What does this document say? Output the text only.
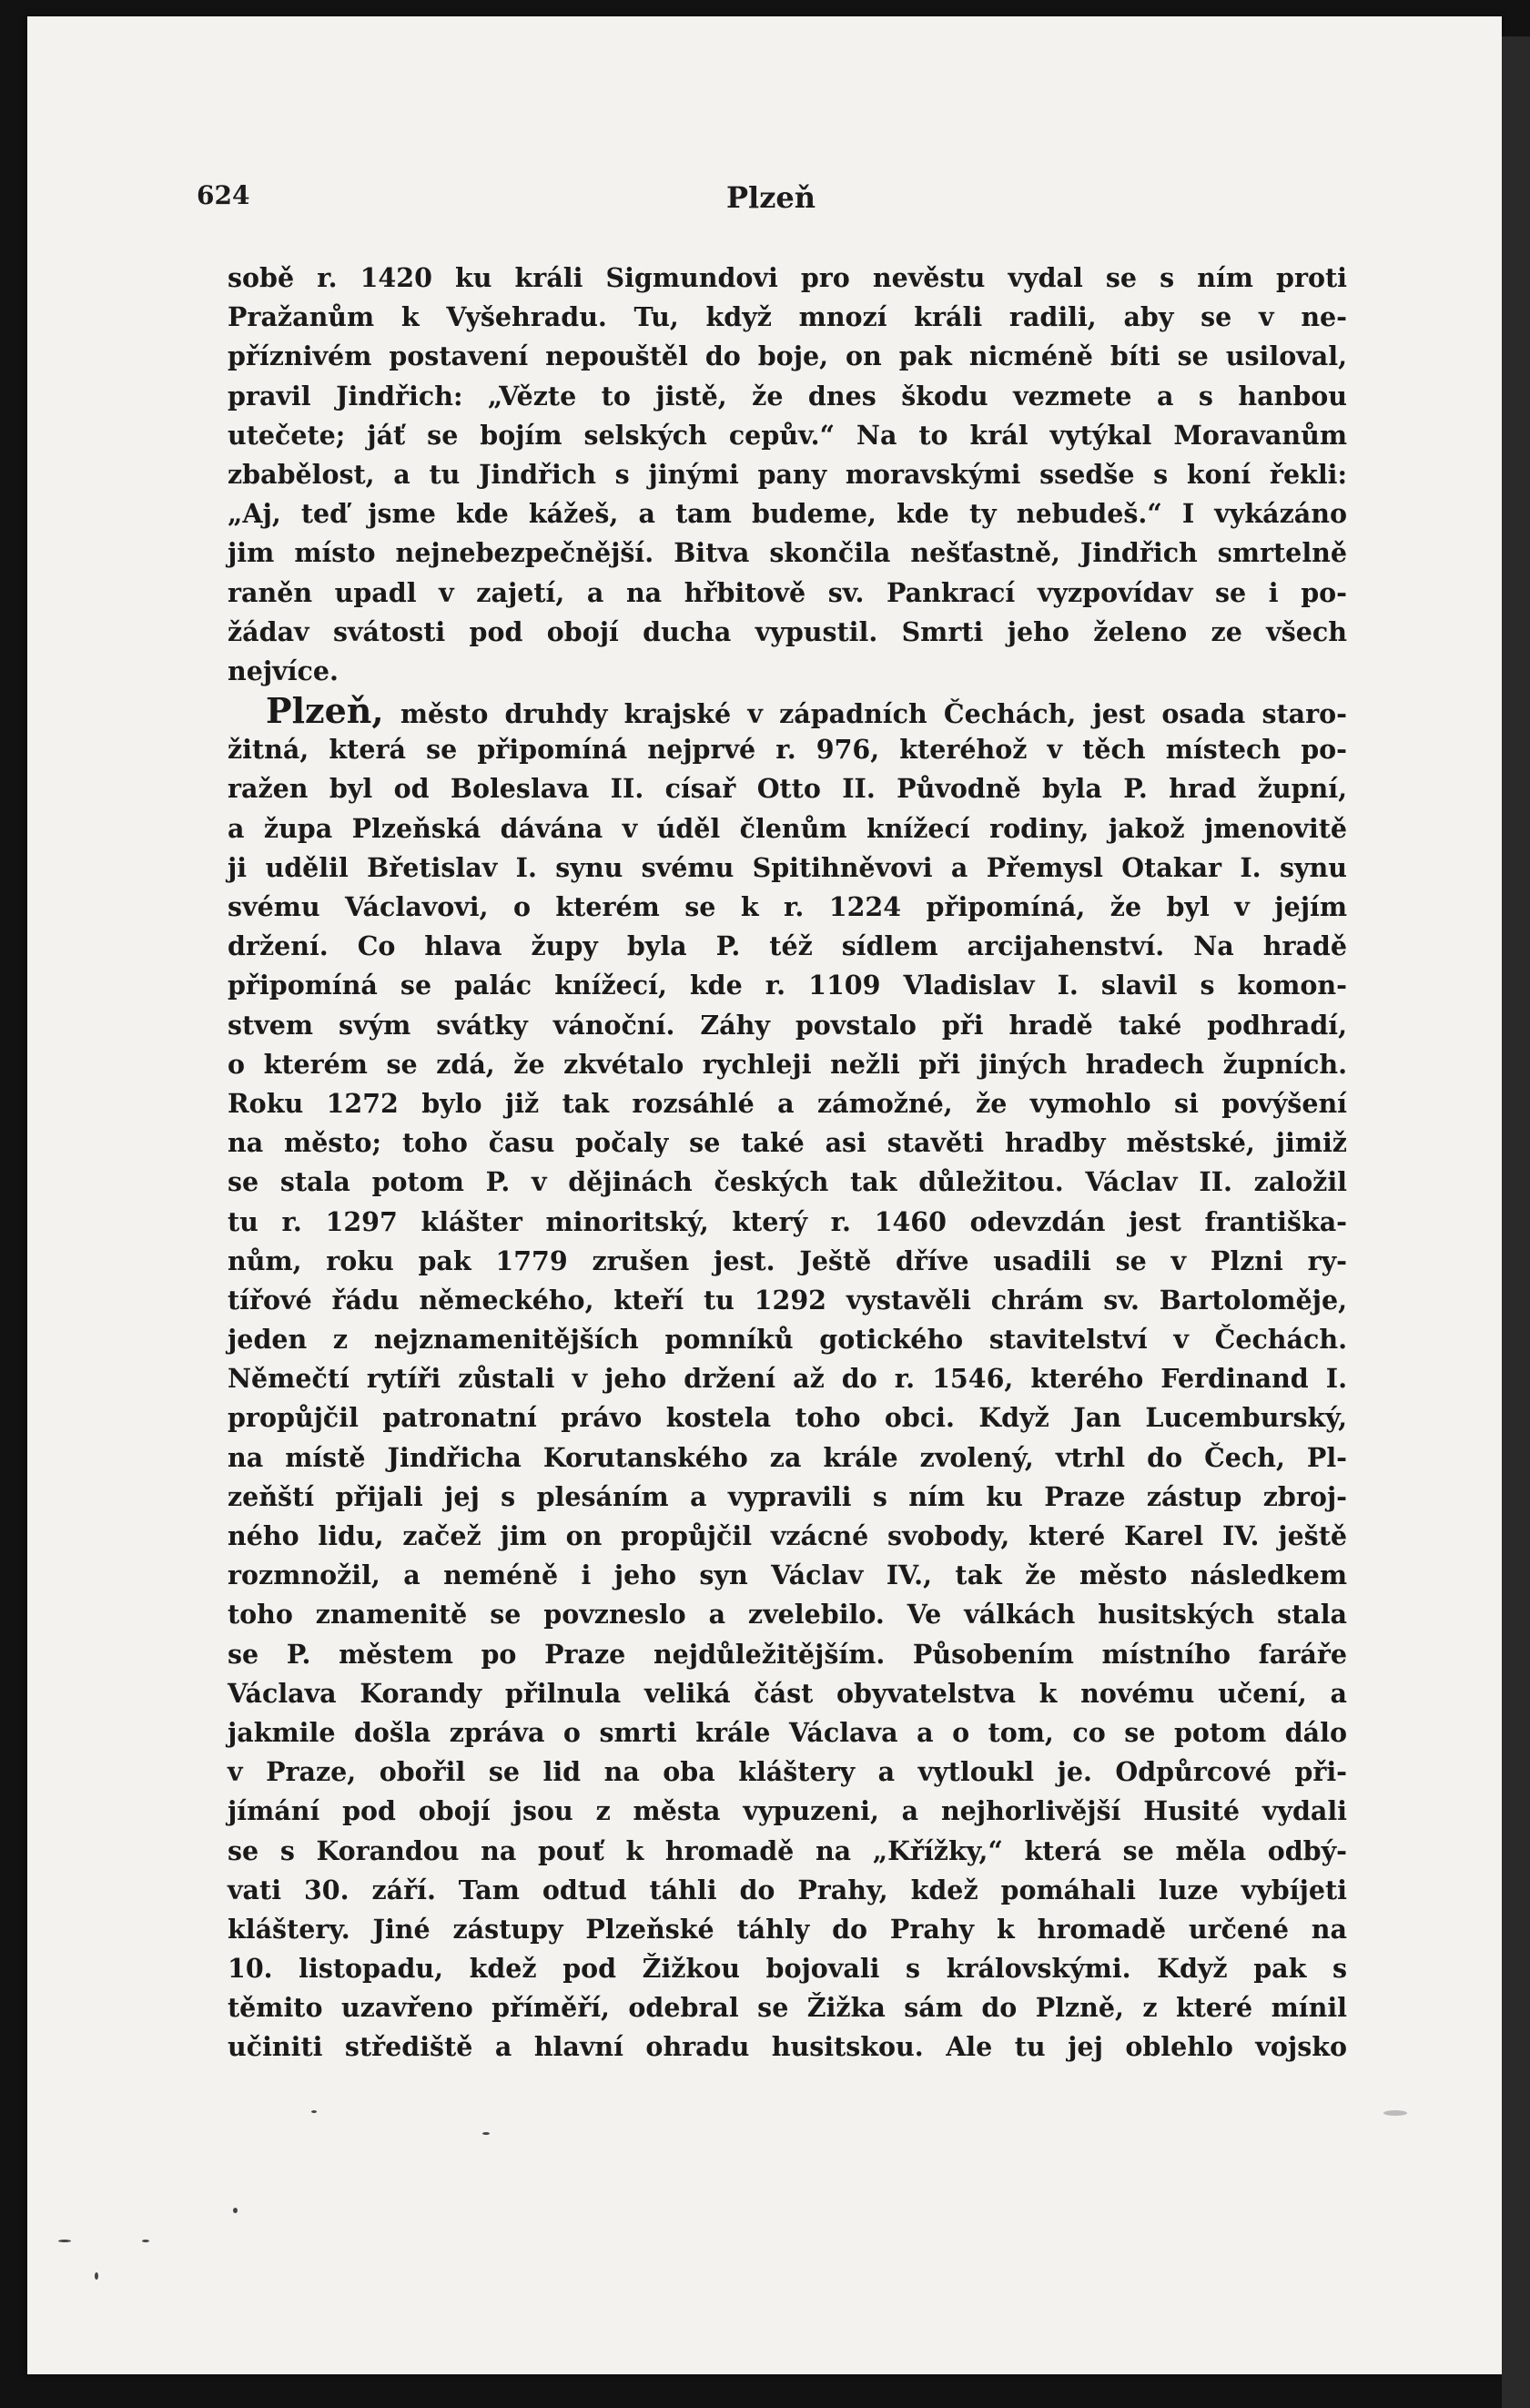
624	Plzeň
sobě r. 1420 ku králi Sigmundovi pro nevěstu vydal se s ním proti
Pražanům k Vyšehradu. Tu, když mnozí králi radili, aby se v ne-
příznivém postavení nepouštěl do boje, on pak nicméně bíti se usiloval,
pravil Jindřich: „Vězte to jistě, že dnes škodu vezmete a s hanbou
utečete; jáť se bojím selských cepův.“ Na to král vytýkal Moravanům
zbabělost, a tu Jindřich s jinými pany moravskými ssedše s koní řekli:
„Aj, teď jsme kde kážeš, a tam budeme, kde ty nebudeš.“ I vykázáno
jim místo nejnebezpečnější. Bitva skončila nešťastně, Jindřich smrtelně
raněn upadl v zajetí, a na hřbitově sv. Pankrací vyzpovídav se i po-
žádav svátosti pod obojí ducha vypustil. Smrti jeho želeno ze všech
nejvíce.
Plzeň, město druhdy krajské v západních Čechách, jest osada staro-
žitná, která se připomíná nejprvé r. 976, kteréhož v těch místech po-
ražen byl od Boleslava II. císař Otto II. Původně byla P. hrad župní,
a župa Plzeňská dávána v úděl členům knížecí rodiny, jakož jmenovitě
ji udělil Břetislav I. synu svému Spitihněvovi a Přemysl Otakar I. synu
svému Václavovi, o kterém se k r. 1224 připomíná, že byl v jejím
držení. Co hlava župy byla P. též sídlem arcijahenství. Na hradě
připomíná se palác knížecí, kde r. 1109 Vladislav I. slavil s komon-
stvem svým svátky vánoční. Záhy povstalo při hradě také podhradí,
o kterém se zdá, že zkvétalo rychleji nežli při jiných hradech župních.
Roku 1272 bylo již tak rozsáhlé a zámožné, že vymohlo si povýšení
na město; toho času počaly se také asi stavěti hradby městské, jimiž
se stala potom P. v dějinách českých tak důležitou. Václav II. založil
tu r. 1297 klášter minoritský, který r. 1460 odevzdán jest františka-
nům, roku pak 1779 zrušen jest. Ještě dříve usadili se v Plzni ry-
tířové řádu německého, kteří tu 1292 vystavěli chrám sv. Bartoloměje,
jeden z nejznamenitějších pomníků gotického stavitelství v Čechách.
Němečtí rytíři zůstali v jeho držení až do r. 1546, kterého Ferdinand I.
propůjčil patronatní právo kostela toho obci. Když Jan Lucemburský,
na místě Jindřicha Korutanského za krále zvolený, vtrhl do Čech, Pl-
zeňští přijali jej s plesáním a vypravili s ním ku Praze zástup zbroj-
ného lidu, začež jim on propůjčil vzácné svobody, které Karel IV. ještě
rozmnožil, a neméně i jeho syn Václav IV., tak že město následkem
toho znamenitě se povzneslo a zvelebilo. Ve válkách husitských stala
se P. městem po Praze nejdůležitějším. Působením místního faráře
Václava Korandy přilnula veliká část obyvatelstva k novému učení, a
jakmile došla zpráva o smrti krále Václava a o tom, co se potom dálo
v Praze, obořil se lid na oba kláštery a vytloukl je. Odpůrcové při-
jímání pod obojí jsou z města vypuzeni, a nejhorlivější Husité vydali
se s Korandou na pouť k hromadě na „Křížky,“ která se měla odbý-
vati 30. září. Tam odtud táhli do Prahy, kdež pomáhali luze vybíjeti
kláštery. Jiné zástupy Plzeňské táhly do Prahy k hromadě určené na
10. listopadu, kdež pod Žižkou bojovali s královskými. Když pak s
těmito uzavřeno příměří, odebral se Žižka sám do Plzně, z které mínil
učiniti střediště a hlavní ohradu husitskou. Ale tu jej oblehlo vojsko
